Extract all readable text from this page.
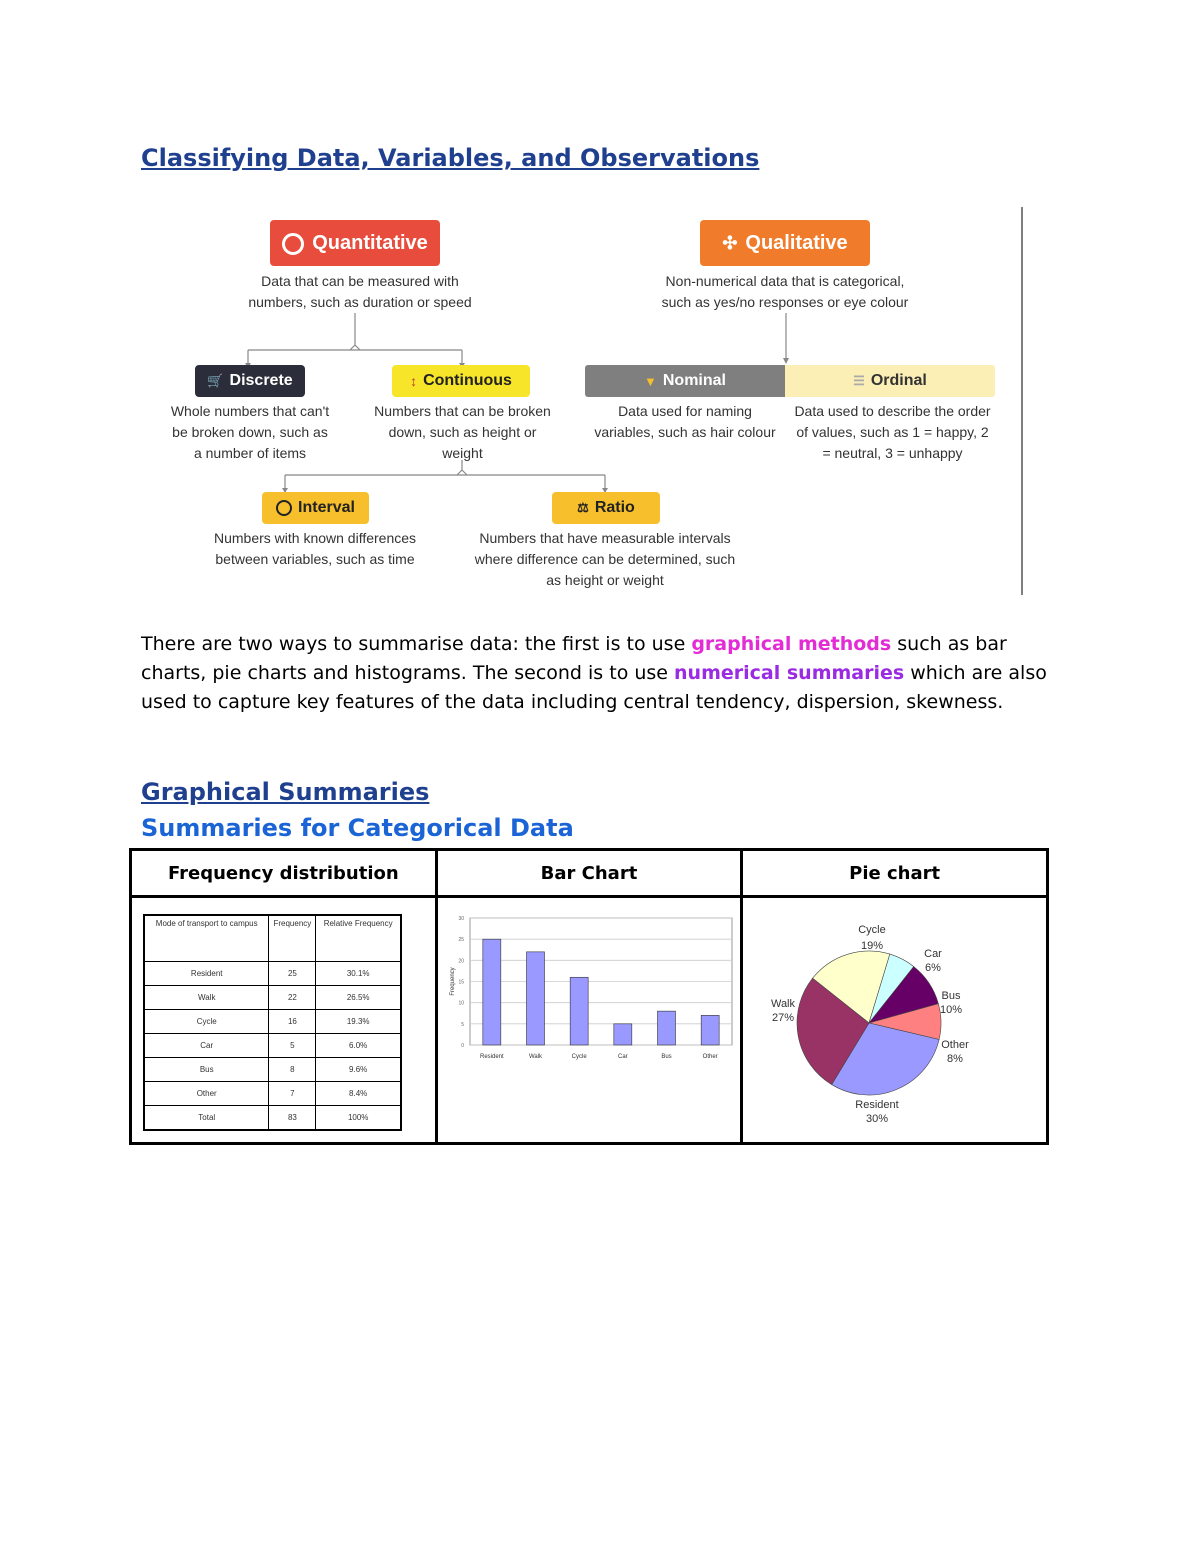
Classifying Data, Variables, and Observations
Quantitative
Data that can be measured with
numbers, such as duration or speed
✣ Qualitative
Non-numerical data that is categorical,
such as yes/no responses or eye colour
🛒 Discrete
Whole numbers that can't
be broken down, such as
a number of items
↕ Continuous
Numbers that can be broken
down, such as height or
weight
▼ Nominal
Data used for naming
variables, such as hair colour
☰ Ordinal
Data used to describe the order
of values, such as 1 = happy, 2
= neutral, 3 = unhappy
Interval
Numbers with known differences
between variables, such as time
⚖ Ratio
Numbers that have measurable intervals
where difference can be determined, such
as height or weight

There are two ways to summarise data: the first is to use graphical methods such as bar charts, pie charts and histograms. The second is to use numerical summaries which are also used to capture key features of the data including central tendency, dispersion, skewness.

Graphical Summaries
Summaries for Categorical Data
Frequency distribution	Bar Chart	Pie chart

Mode of transport to campus	Frequency	Relative Frequency
Resident	25	30.1%
Walk	22	26.5%
Cycle	16	19.3%
Car	5	6.0%
Bus	8	9.6%
Other	7	8.4%
Total	83	100%

0
5
10
15
20
25
30
Frequency
Resident	Walk	Cycle	Car	Bus	Other

Cycle
19%
Car
6%
Bus
10%
Other
8%
Resident
30%
Walk
27%
